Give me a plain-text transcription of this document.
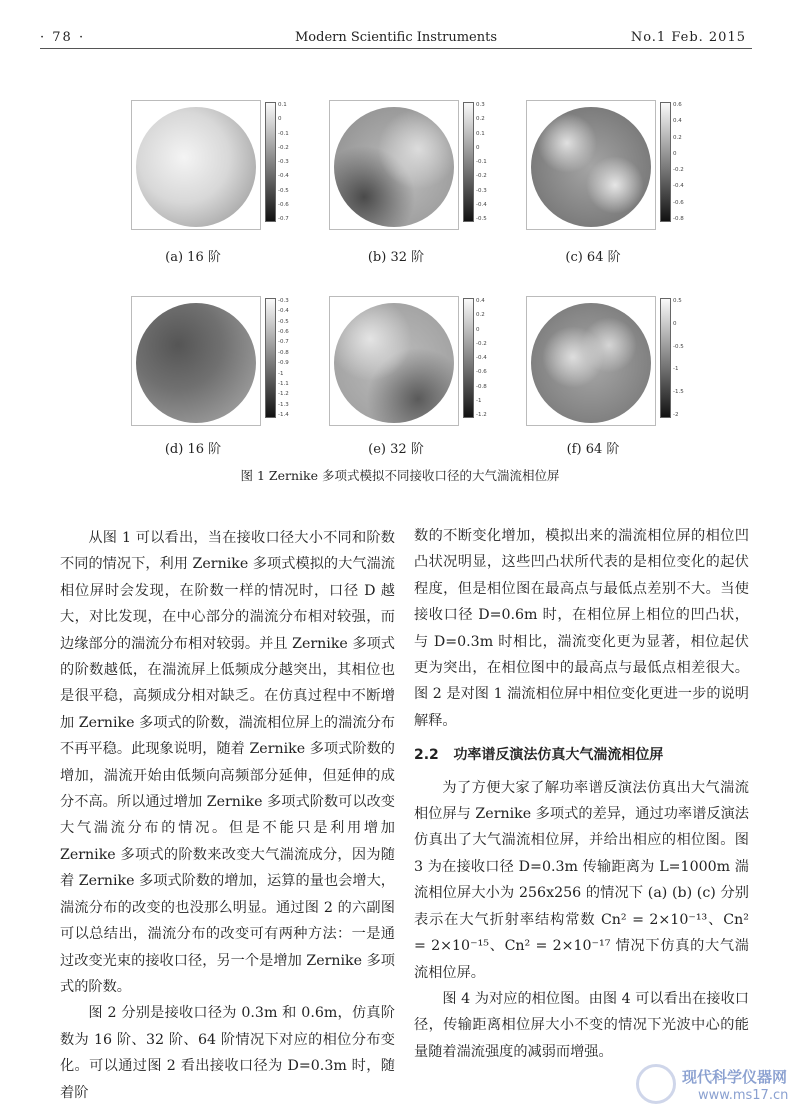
· 78 ·	Modern Scientific Instruments	No.1 Feb. 2015
0.1
0
-0.1
-0.2
-0.3
-0.4
-0.5
-0.6
-0.7
0.3
0.2
0.1
0
-0.1
-0.2
-0.3
-0.4
-0.5
0.6
0.4
0.2
0
-0.2
-0.4
-0.6
-0.8
-0.3
-0.4
-0.5
-0.6
-0.7
-0.8
-0.9
-1
-1.1
-1.2
-1.3
-1.4
0.4
0.2
0
-0.2
-0.4
-0.6
-0.8
-1
-1.2
0.5
0
-0.5
-1
-1.5
-2
(a) 16 阶	(b) 32 阶	(c) 64 阶
(d) 16 阶	(e) 32 阶	(f) 64 阶
图 1 Zernike 多项式模拟不同接收口径的大气湍流相位屏

从图 1 可以看出，当在接收口径大小不同和阶数不同的情况下，利用 Zernike 多项式模拟的大气湍流相位屏时会发现，在阶数一样的情况时，口径 D 越大，对比发现，在中心部分的湍流分布相对较强，而边缘部分的湍流分布相对较弱。并且 Zernike 多项式的阶数越低，在湍流屏上低频成分越突出，其相位也是很平稳，高频成分相对缺乏。在仿真过程中不断增加 Zernike 多项式的阶数，湍流相位屏上的湍流分布不再平稳。此现象说明，随着 Zernike 多项式阶数的增加，湍流开始由低频向高频部分延伸，但延伸的成分不高。所以通过增加 Zernike 多项式阶数可以改变大气湍流分布的情况。但是不能只是利用增加 Zernike 多项式的阶数来改变大气湍流成分，因为随着 Zernike 多项式阶数的增加，运算的量也会增大，湍流分布的改变的也没那么明显。通过图 2 的六副图可以总结出，湍流分布的改变可有两种方法：一是通过改变光束的接收口径，另一个是增加 Zernike 多项式的阶数。

图 2 分别是接收口径为 0.3m 和 0.6m，仿真阶数为 16 阶、32 阶、64 阶情况下对应的相位分布变化。可以通过图 2 看出接收口径为 D=0.3m 时，随着阶

数的不断变化增加，模拟出来的湍流相位屏的相位凹凸状况明显，这些凹凸状所代表的是相位变化的起伏程度，但是相位图在最高点与最低点差别不大。当使接收口径 D=0.6m 时，在相位屏上相位的凹凸状，与 D=0.3m 时相比，湍流变化更为显著，相位起伏更为突出，在相位图中的最高点与最低点相差很大。图 2 是对图 1 湍流相位屏中相位变化更进一步的说明解释。

2.2 功率谱反演法仿真大气湍流相位屏

为了方便大家了解功率谱反演法仿真出大气湍流相位屏与 Zernike 多项式的差异，通过功率谱反演法仿真出了大气湍流相位屏，并给出相应的相位图。图 3 为在接收口径 D=0.3m 传输距离为 L=1000m 湍流相位屏大小为 256x256 的情况下 (a) (b) (c) 分别表示在大气折射率结构常数 Cn² = 2×10⁻¹³、Cn² = 2×10⁻¹⁵、Cn² = 2×10⁻¹⁷ 情况下仿真的大气湍流相位屏。

图 4 为对应的相位图。由图 4 可以看出在接收口径，传输距离相位屏大小不变的情况下光波中心的能量随着湍流强度的减弱而增强。

现代科学仪器网
www.ms17.cn
